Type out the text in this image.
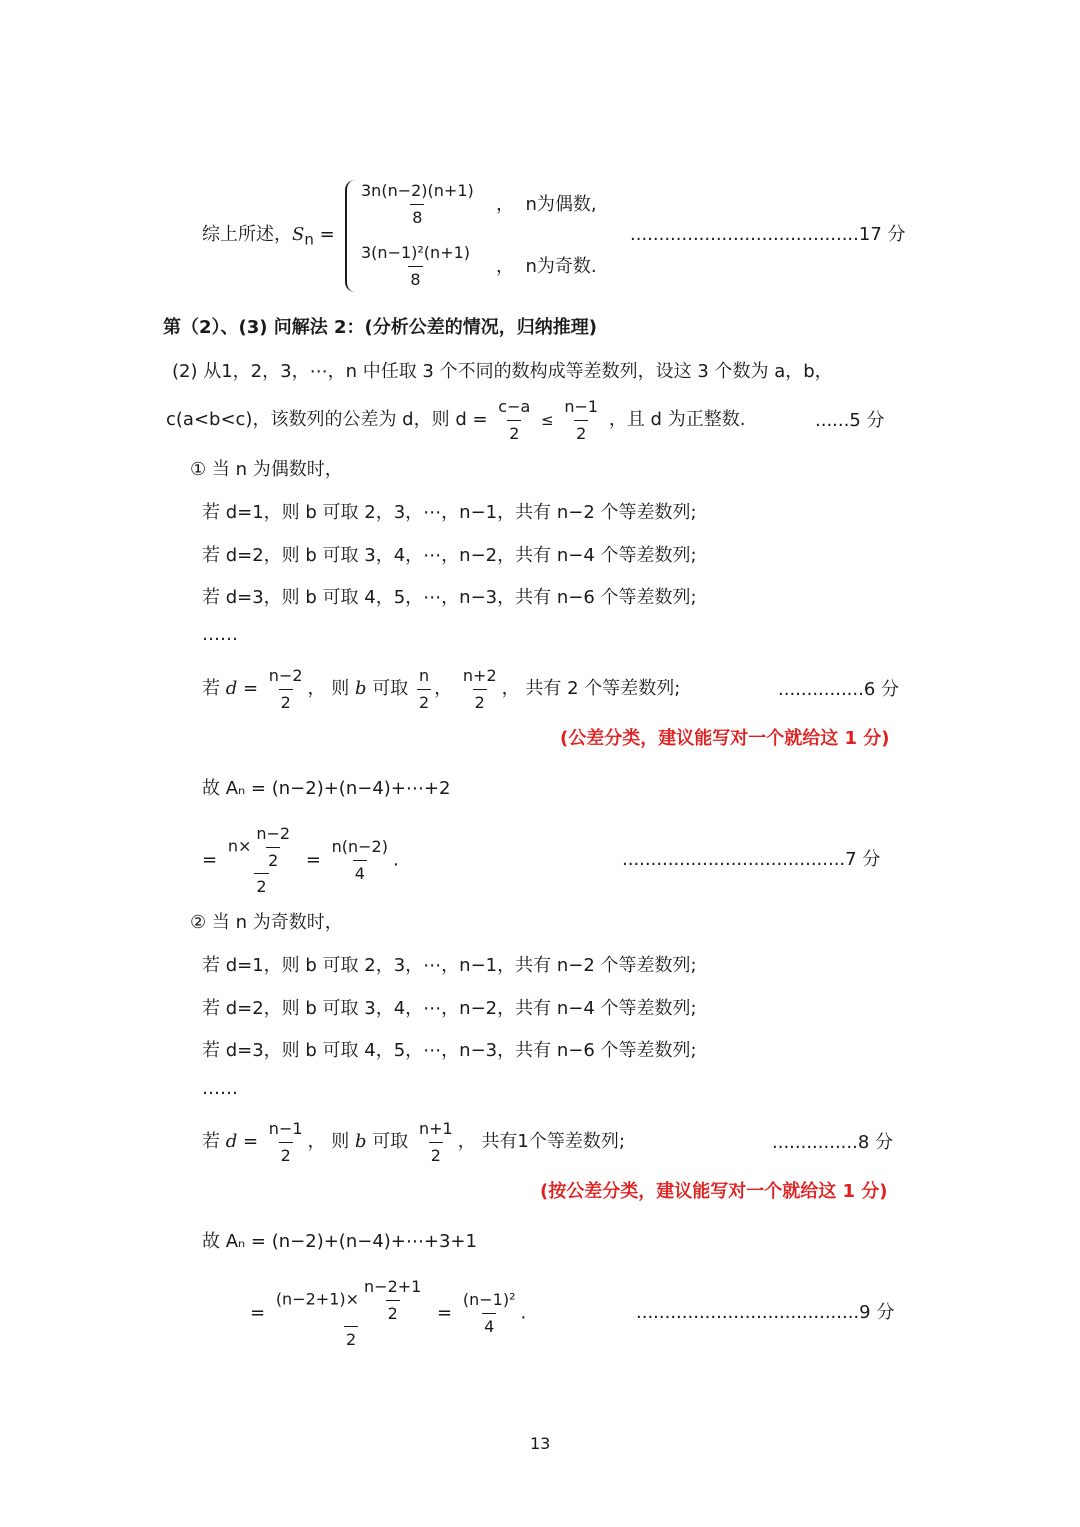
综上所述，$S_n$ =
$\frac{3n(n-2)(n+1)}{8}$ ，  n为偶数,
$\frac{\text{3(n−1)²(n+1)}}{8}$ ，  n为奇数.
........................................17 分
第（2）、(3) 问解法 2：(分析公差的情况，归纳推理)
(2) 从1，2，3，⋯，n 中任取 3 个不同的数构成等差数列，设这 3 个数为 a，b，
c(a<b<c)，该数列的公差为 d，则 $d = \frac{c-a}{2} \le \frac{n-1}{2}$ ，且 d 为正整数.	......5 分
① 当 n 为偶数时，
若 d=1，则 b 可取 2，3，⋯，n−1，共有 n−2 个等差数列;
若 d=2，则 b 可取 3，4，⋯，n−2，共有 n−4 个等差数列;
若 d=3，则 b 可取 4，5，⋯，n−3，共有 n−6 个等差数列;
……
若 $d = \frac{n-2}{2}$ ， 则 b 可取 $\frac{n}{2}$ ， $\frac{n+2}{2}$ ， 共有 2 个等差数列;	...............6 分
(公差分类，建议能写对一个就给这 1 分)
故 Aₙ = (n−2)+(n−4)+⋯+2
= $\frac{n\times \frac{n-2}{2}}{2} = \frac{n(n-2)}{4}$ .	.......................................7 分
② 当 n 为奇数时，
若 d=1，则 b 可取 2，3，⋯，n−1，共有 n−2 个等差数列;
若 d=2，则 b 可取 3，4，⋯，n−2，共有 n−4 个等差数列;
若 d=3，则 b 可取 4，5，⋯，n−3，共有 n−6 个等差数列;
……
若 $d = \frac{n-1}{2}$ ， 则 b 可取 $\frac{n+1}{2}$ ， 共有1个等差数列;	...............8 分
(按公差分类，建议能写对一个就给这 1 分)
故 Aₙ = (n−2)+(n−4)+⋯+3+1
= $\frac{(n-2+1)\times \frac{n-2+1}{2}}{2} = \frac{\text{(n−1)²}}{4}$ .	.......................................9 分
13
